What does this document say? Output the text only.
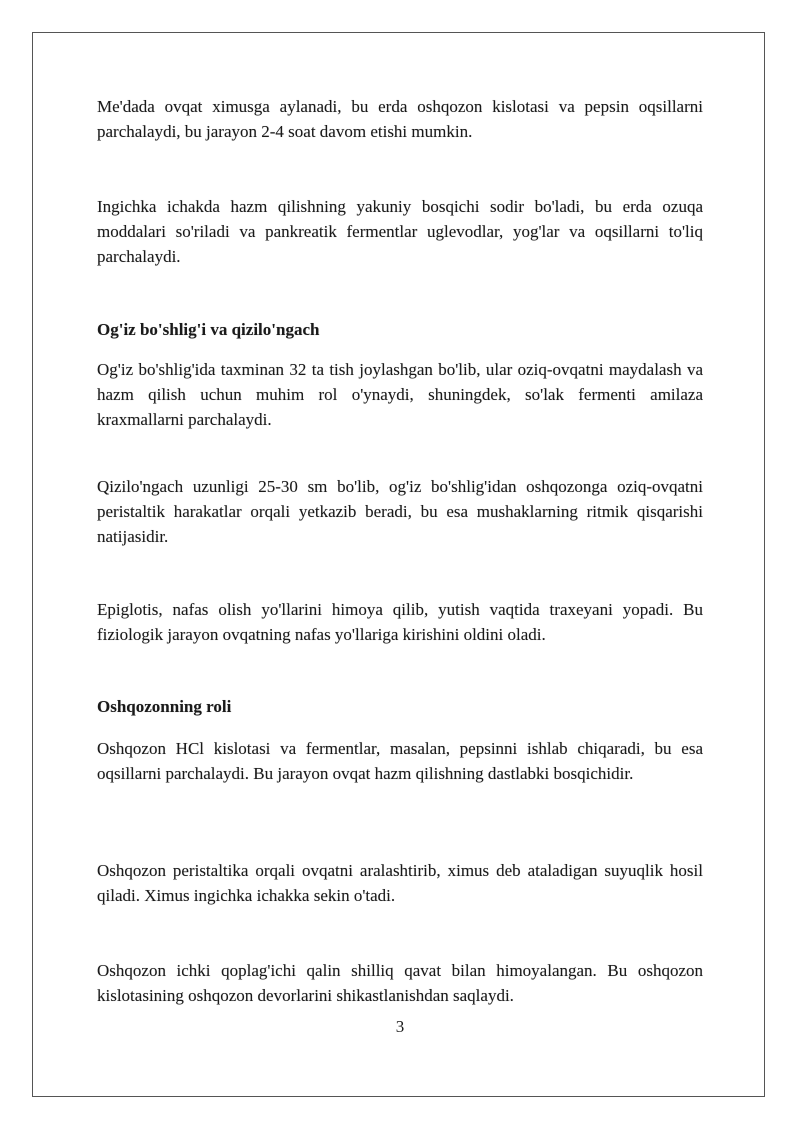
Me'dada ovqat ximusga aylanadi, bu erda oshqozon kislotasi va pepsin oqsillarni parchalaydi, bu jarayon 2-4 soat davom etishi mumkin.

Ingichka ichakda hazm qilishning yakuniy bosqichi sodir bo'ladi, bu erda ozuqa moddalari so'riladi va pankreatik fermentlar uglevodlar, yog'lar va oqsillarni to'liq parchalaydi.

Og'iz bo'shlig'i va qizilo'ngach

Og'iz bo'shlig'ida taxminan 32 ta tish joylashgan bo'lib, ular oziq-ovqatni maydalash va hazm qilish uchun muhim rol o'ynaydi, shuningdek, so'lak fermenti amilaza kraxmallarni parchalaydi.

Qizilo'ngach uzunligi 25-30 sm bo'lib, og'iz bo'shlig'idan oshqozonga oziq-ovqatni peristaltik harakatlar orqali yetkazib beradi, bu esa mushaklarning ritmik qisqarishi natijasidir.

Epiglotis, nafas olish yo'llarini himoya qilib, yutish vaqtida traxeyani yopadi. Bu fiziologik jarayon ovqatning nafas yo'llariga kirishini oldini oladi.

Oshqozonning roli

Oshqozon HCl kislotasi va fermentlar, masalan, pepsinni ishlab chiqaradi, bu esa oqsillarni parchalaydi. Bu jarayon ovqat hazm qilishning dastlabki bosqichidir.

Oshqozon peristaltika orqali ovqatni aralashtirib, ximus deb ataladigan suyuqlik hosil qiladi. Ximus ingichka ichakka sekin o'tadi.

Oshqozon ichki qoplag'ichi qalin shilliq qavat bilan himoyalangan. Bu oshqozon kislotasining oshqozon devorlarini shikastlanishdan saqlaydi.

3
